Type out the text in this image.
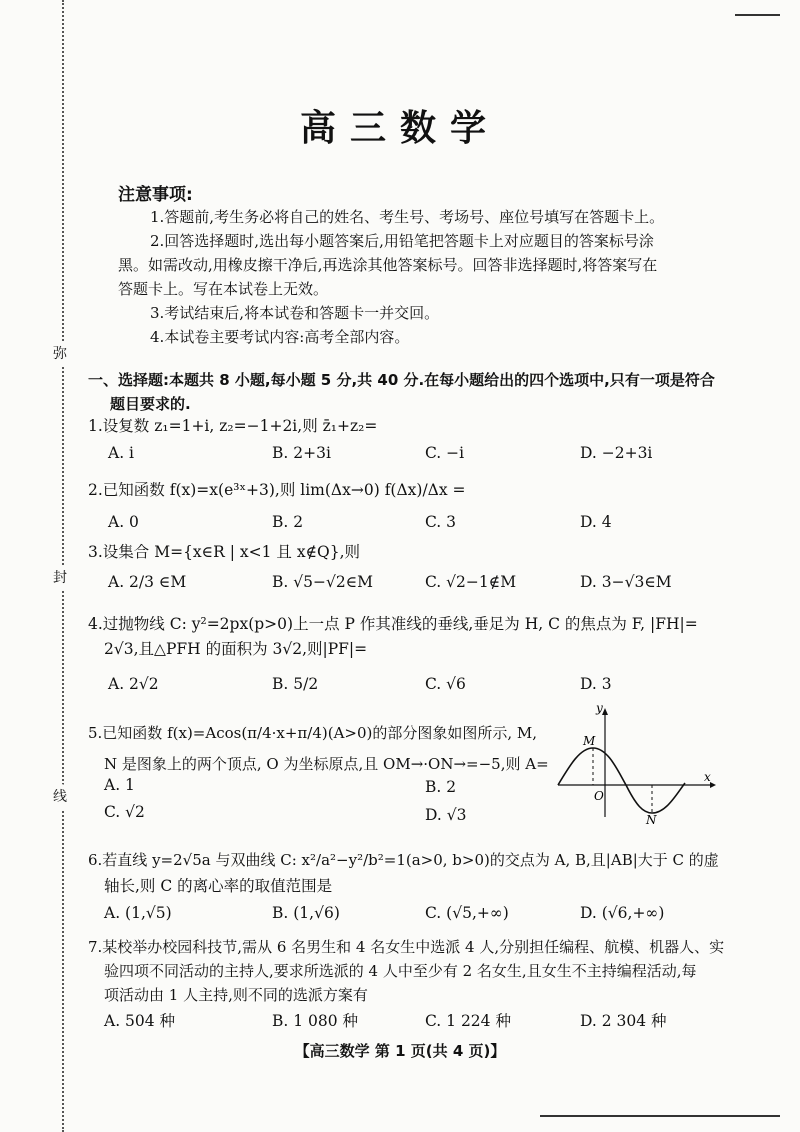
弥
封
线
高三数学
注意事项:
1.答题前,考生务必将自己的姓名、考生号、考场号、座位号填写在答题卡上。
2.回答选择题时,选出每小题答案后,用铅笔把答题卡上对应题目的答案标号涂
黑。如需改动,用橡皮擦干净后,再选涂其他答案标号。回答非选择题时,将答案写在
答题卡上。写在本试卷上无效。
3.考试结束后,将本试卷和答题卡一并交回。
4.本试卷主要考试内容:高考全部内容。
一、选择题:本题共 8 小题,每小题 5 分,共 40 分.在每小题给出的四个选项中,只有一项是符合
题目要求的.
1.设复数 z₁=1+i, z₂=−1+2i,则 z̄₁+z₂=
A. i	B. 2+3i	C. −i	D. −2+3i
2.已知函数 f(x)=x(e³ˣ+3),则 lim(Δx→0) f(Δx)/Δx =
A. 0	B. 2	C. 3	D. 4
3.设集合 M={x∈R | x<1 且 x∉Q},则
A. 2/3 ∈M	B. √5−√2∈M	C. √2−1∉M	D. 3−√3∈M
4.过抛物线 C: y²=2px(p>0)上一点 P 作其准线的垂线,垂足为 H, C 的焦点为 F, |FH|=
2√3,且△PFH 的面积为 3√2,则|PF|=
A. 2√2	B. 5/2	C. √6	D. 3
5.已知函数 f(x)=Acos(π/4·x+π/4)(A>0)的部分图象如图所示, M,
N 是图象上的两个顶点, O 为坐标原点,且 OM→·ON→=−5,则 A=
A. 1	B. 2
C. √2	D. √3
y
x
O
M
N
6.若直线 y=2√5a 与双曲线 C: x²/a²−y²/b²=1(a>0, b>0)的交点为 A, B,且|AB|大于 C 的虚
轴长,则 C 的离心率的取值范围是
A. (1,√5)	B. (1,√6)	C. (√5,+∞)	D. (√6,+∞)
7.某校举办校园科技节,需从 6 名男生和 4 名女生中选派 4 人,分别担任编程、航模、机器人、实
验四项不同活动的主持人,要求所选派的 4 人中至少有 2 名女生,且女生不主持编程活动,每
项活动由 1 人主持,则不同的选派方案有
A. 504 种	B. 1 080 种	C. 1 224 种	D. 2 304 种
【高三数学 第 1 页(共 4 页)】
